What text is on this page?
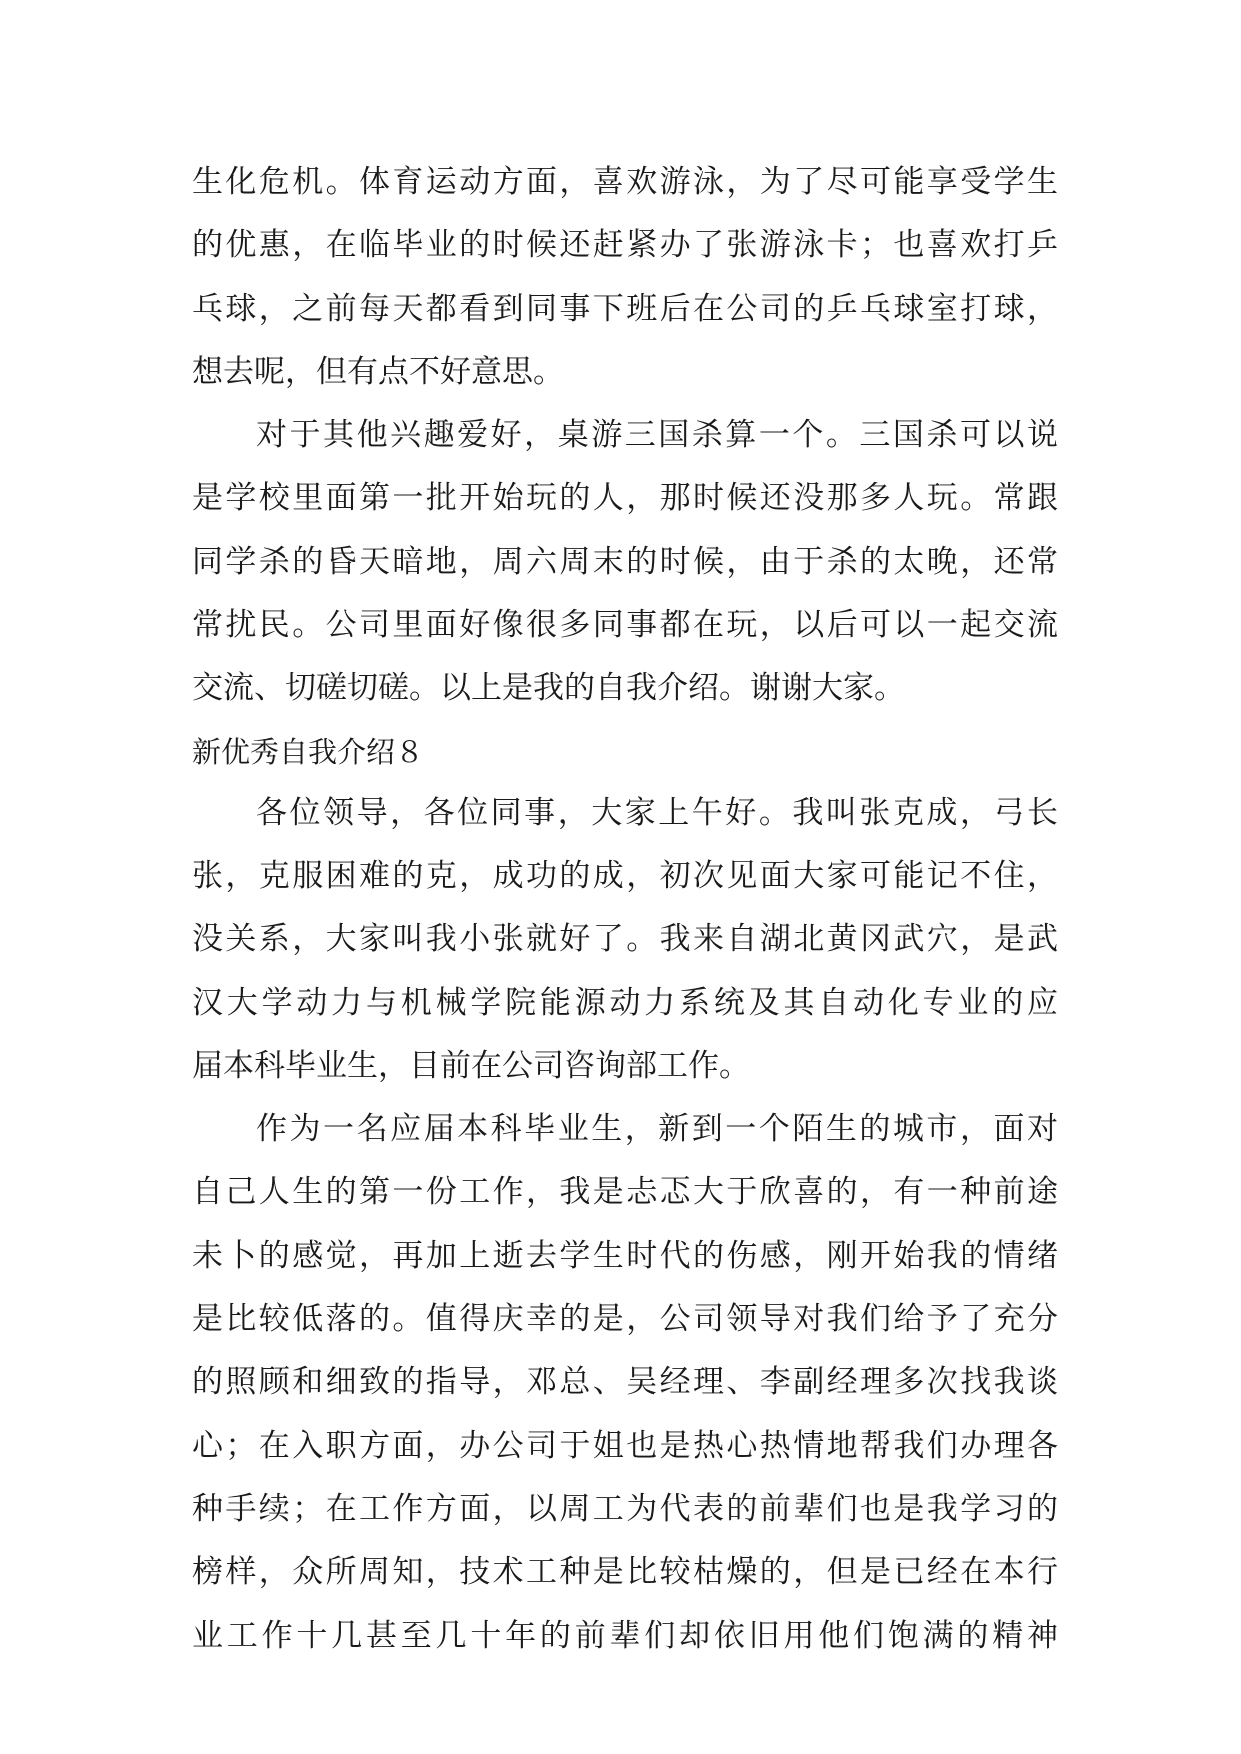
生化危机。体育运动方面，喜欢游泳，为了尽可能享受学生
的优惠，在临毕业的时候还赶紧办了张游泳卡；也喜欢打乒
乓球，之前每天都看到同事下班后在公司的乒乓球室打球，
想去呢，但有点不好意思。
对于其他兴趣爱好，桌游三国杀算一个。三国杀可以说
是学校里面第一批开始玩的人，那时候还没那多人玩。常跟
同学杀的昏天暗地，周六周末的时候，由于杀的太晚，还常
常扰民。公司里面好像很多同事都在玩，以后可以一起交流
交流、切磋切磋。以上是我的自我介绍。谢谢大家。
新优秀自我介绍８
各位领导，各位同事，大家上午好。我叫张克成，弓长
张，克服困难的克，成功的成，初次见面大家可能记不住，
没关系，大家叫我小张就好了。我来自湖北黄冈武穴，是武
汉大学动力与机械学院能源动力系统及其自动化专业的应
届本科毕业生，目前在公司咨询部工作。
作为一名应届本科毕业生，新到一个陌生的城市，面对
自己人生的第一份工作，我是忐忑大于欣喜的，有一种前途
未卜的感觉，再加上逝去学生时代的伤感，刚开始我的情绪
是比较低落的。值得庆幸的是，公司领导对我们给予了充分
的照顾和细致的指导，邓总、吴经理、李副经理多次找我谈
心；在入职方面，办公司于姐也是热心热情地帮我们办理各
种手续；在工作方面，以周工为代表的前辈们也是我学习的
榜样，众所周知，技术工种是比较枯燥的，但是已经在本行
业工作十几甚至几十年的前辈们却依旧用他们饱满的精神
